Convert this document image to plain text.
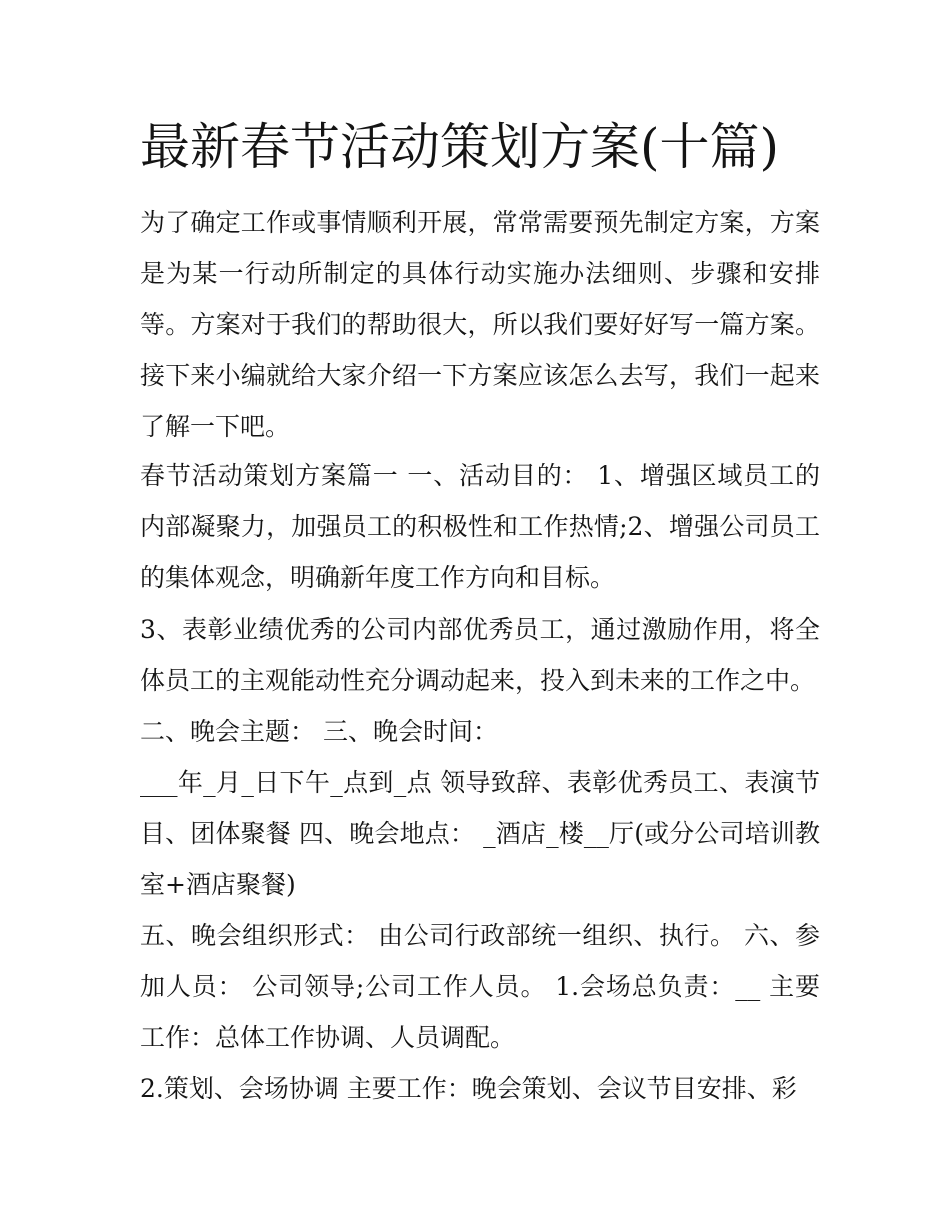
最新春节活动策划方案(十篇)

为了确定工作或事情顺利开展，常常需要预先制定方案，方案是为某一行动所制定的具体行动实施办法细则、步骤和安排等。方案对于我们的帮助很大，所以我们要好好写一篇方案。接下来小编就给大家介绍一下方案应该怎么去写，我们一起来了解一下吧。

春节活动策划方案篇一 一、活动目的： 1、增强区域员工的内部凝聚力，加强员工的积极性和工作热情;2、增强公司员工的集体观念，明确新年度工作方向和目标。

3、表彰业绩优秀的公司内部优秀员工，通过激励作用，将全体员工的主观能动性充分调动起来，投入到未来的工作之中。

二、晚会主题： 三、晚会时间：

___年_月_日下午_点到_点 领导致辞、表彰优秀员工、表演节目、团体聚餐 四、晚会地点： _酒店_楼__厅(或分公司培训教室+酒店聚餐)

五、晚会组织形式： 由公司行政部统一组织、执行。 六、参加人员： 公司领导;公司工作人员。 1.会场总负责：__ 主要工作：总体工作协调、人员调配。

2.策划、会场协调 主要工作：晚会策划、会议节目安排、彩
